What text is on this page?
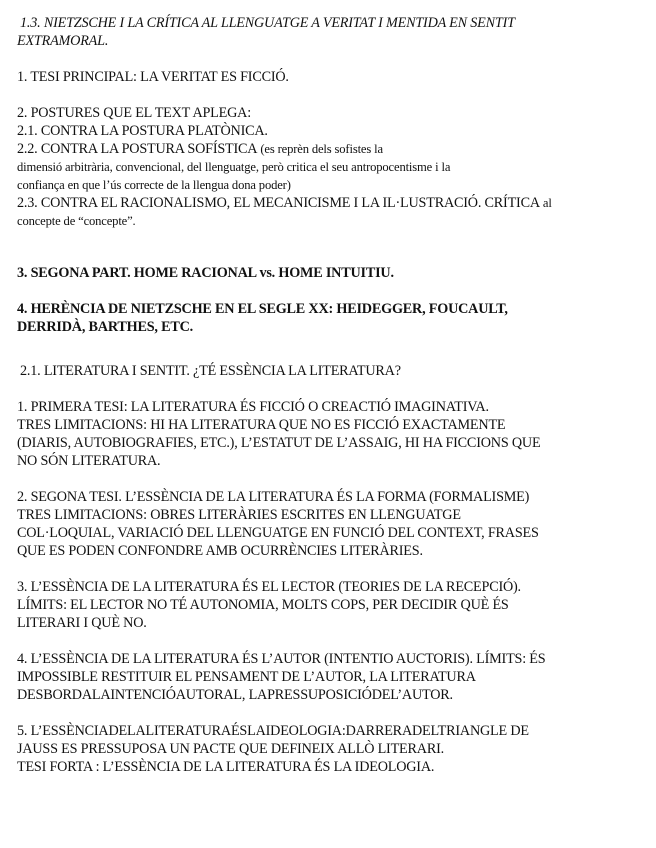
1.3. NIETZSCHE I LA CRÍTICA AL LLENGUATGE A VERITAT I MENTIDA EN SENTIT
EXTRAMORAL.
1. TESI PRINCIPAL: LA VERITAT ES FICCIÓ.
2. POSTURES QUE EL TEXT APLEGA:
2.1. CONTRA LA POSTURA PLATÒNICA.
2.2. CONTRA LA POSTURA SOFÍSTICA (es reprèn dels sofistes la
dimensió arbitrària, convencional, del llenguatge, però critica el seu antropocentisme i la
confiança en que l’ús correcte de la llengua dona poder)
2.3. CONTRA EL RACIONALISMO, EL MECANICISME I LA IL·LUSTRACIÓ. CRÍTICA al
concepte de “concepte”.
3. SEGONA PART. HOME RACIONAL vs. HOME INTUITIU.
4. HERÈNCIA DE NIETZSCHE EN EL SEGLE XX: HEIDEGGER, FOUCAULT,
DERRIDÀ, BARTHES, ETC.
2.1. LITERATURA I SENTIT. ¿TÉ ESSÈNCIA LA LITERATURA?
1. PRIMERA TESI: LA LITERATURA ÉS FICCIÓ O CREACTIÓ IMAGINATIVA.
TRES LIMITACIONS: HI HA LITERATURA QUE NO ES FICCIÓ EXACTAMENTE
(DIARIS, AUTOBIOGRAFIES, ETC.), L’ESTATUT DE L’ASSAIG, HI HA FICCIONS QUE
NO SÓN LITERATURA.
2. SEGONA TESI. L’ESSÈNCIA DE LA LITERATURA ÉS LA FORMA (FORMALISME)
TRES LIMITACIONS: OBRES LITERÀRIES ESCRITES EN LLENGUATGE
COL·LOQUIAL, VARIACIÓ DEL LLENGUATGE EN FUNCIÓ DEL CONTEXT, FRASES
QUE ES PODEN CONFONDRE AMB OCURRÈNCIES LITERÀRIES.
3. L’ESSÈNCIA DE LA LITERATURA ÉS EL LECTOR (TEORIES DE LA RECEPCIÓ).
LÍMITS: EL LECTOR NO TÉ AUTONOMIA, MOLTS COPS, PER DECIDIR QUÈ ÉS
LITERARI I QUÈ NO.
4. L’ESSÈNCIA DE LA LITERATURA ÉS L’AUTOR (INTENTIO AUCTORIS). LÍMITS: ÉS
IMPOSSIBLE RESTITUIR EL PENSAMENT DE L’AUTOR, LA LITERATURA
DESBORDALAINTENCIÓAUTORAL, LAPRESSUPOSICIÓDEL’AUTOR.
5. L’ESSÈNCIADELALITERATURAÉSLAIDEOLOGIA:DARRERADELTRIANGLE DE
JAUSS ES PRESSUPOSA UN PACTE QUE DEFINEIX ALLÒ LITERARI.
TESI FORTA : L’ESSÈNCIA DE LA LITERATURA ÉS LA IDEOLOGIA.
